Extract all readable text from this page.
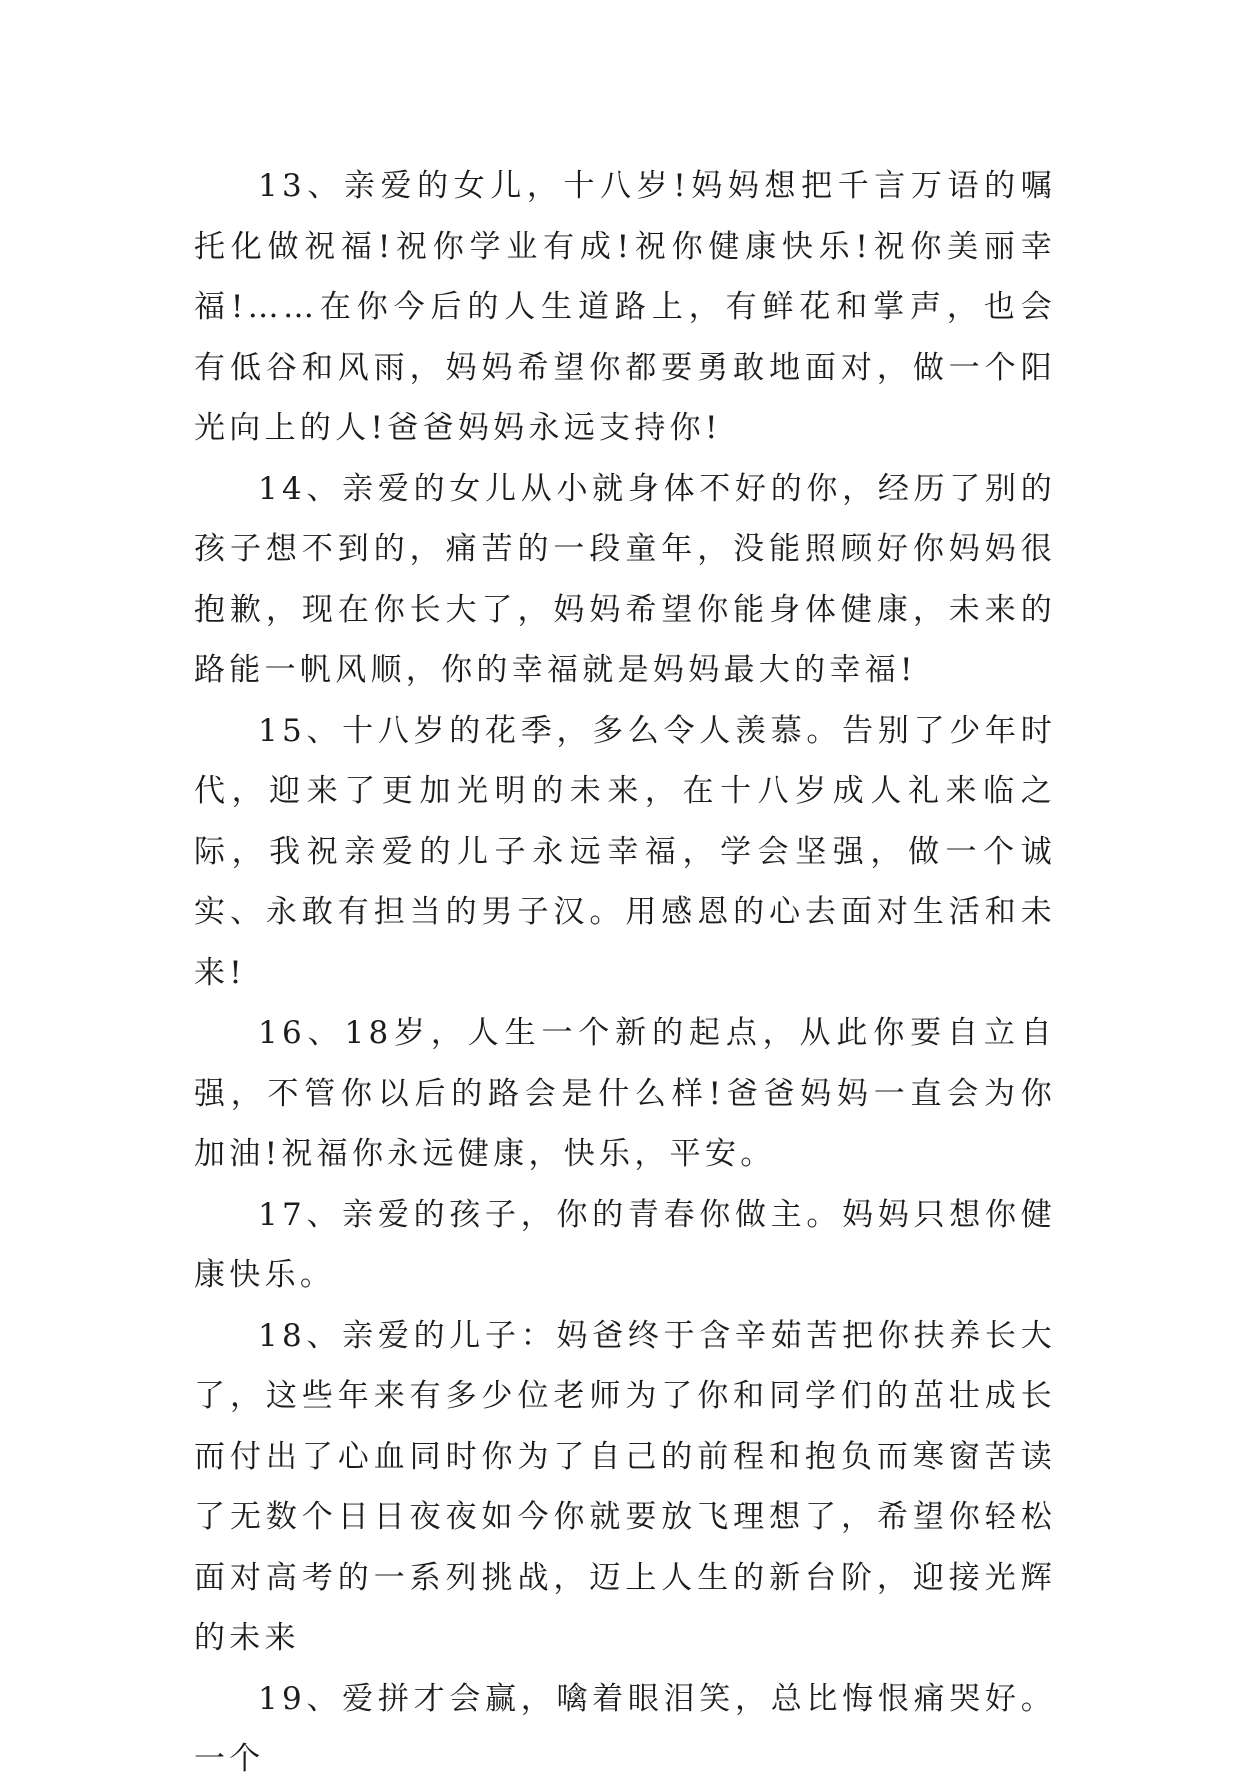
13、亲爱的女儿，十八岁!妈妈想把千言万语的嘱托化做祝福!祝你学业有成!祝你健康快乐!祝你美丽幸福!……在你今后的人生道路上，有鲜花和掌声，也会有低谷和风雨，妈妈希望你都要勇敢地面对，做一个阳光向上的人!爸爸妈妈永远支持你!

14、亲爱的女儿从小就身体不好的你，经历了别的孩子想不到的，痛苦的一段童年，没能照顾好你妈妈很抱歉，现在你长大了，妈妈希望你能身体健康，未来的路能一帆风顺，你的幸福就是妈妈最大的幸福!

15、十八岁的花季，多么令人羡慕。告别了少年时代，迎来了更加光明的未来，在十八岁成人礼来临之际，我祝亲爱的儿子永远幸福，学会坚强，做一个诚实、永敢有担当的男子汉。用感恩的心去面对生活和未来!

16、18岁，人生一个新的起点，从此你要自立自强，不管你以后的路会是什么样!爸爸妈妈一直会为你加油!祝福你永远健康，快乐，平安。

17、亲爱的孩子，你的青春你做主。妈妈只想你健康快乐。

18、亲爱的儿子：妈爸终于含辛茹苦把你扶养长大了，这些年来有多少位老师为了你和同学们的茁壮成长而付出了心血同时你为了自己的前程和抱负而寒窗苦读了无数个日日夜夜如今你就要放飞理想了，希望你轻松面对高考的一系列挑战，迈上人生的新台阶，迎接光辉的未来

19、爱拼才会赢，噙着眼泪笑，总比悔恨痛哭好。一个
